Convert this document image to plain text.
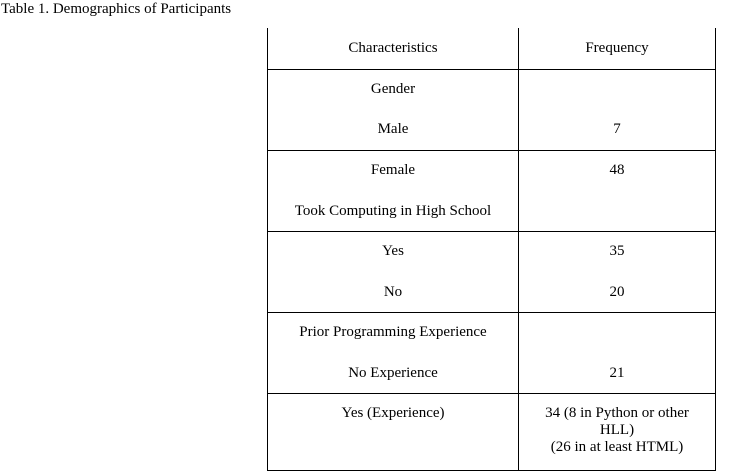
Table 1. Demographics of Participants
Characteristics	Frequency
Gender
Male	7
Female	48
Took Computing in High School
Yes	35
No	20
Prior Programming Experience
No Experience	21
Yes (Experience)	34 (8 in Python or other
HLL)
(26 in at least HTML)
